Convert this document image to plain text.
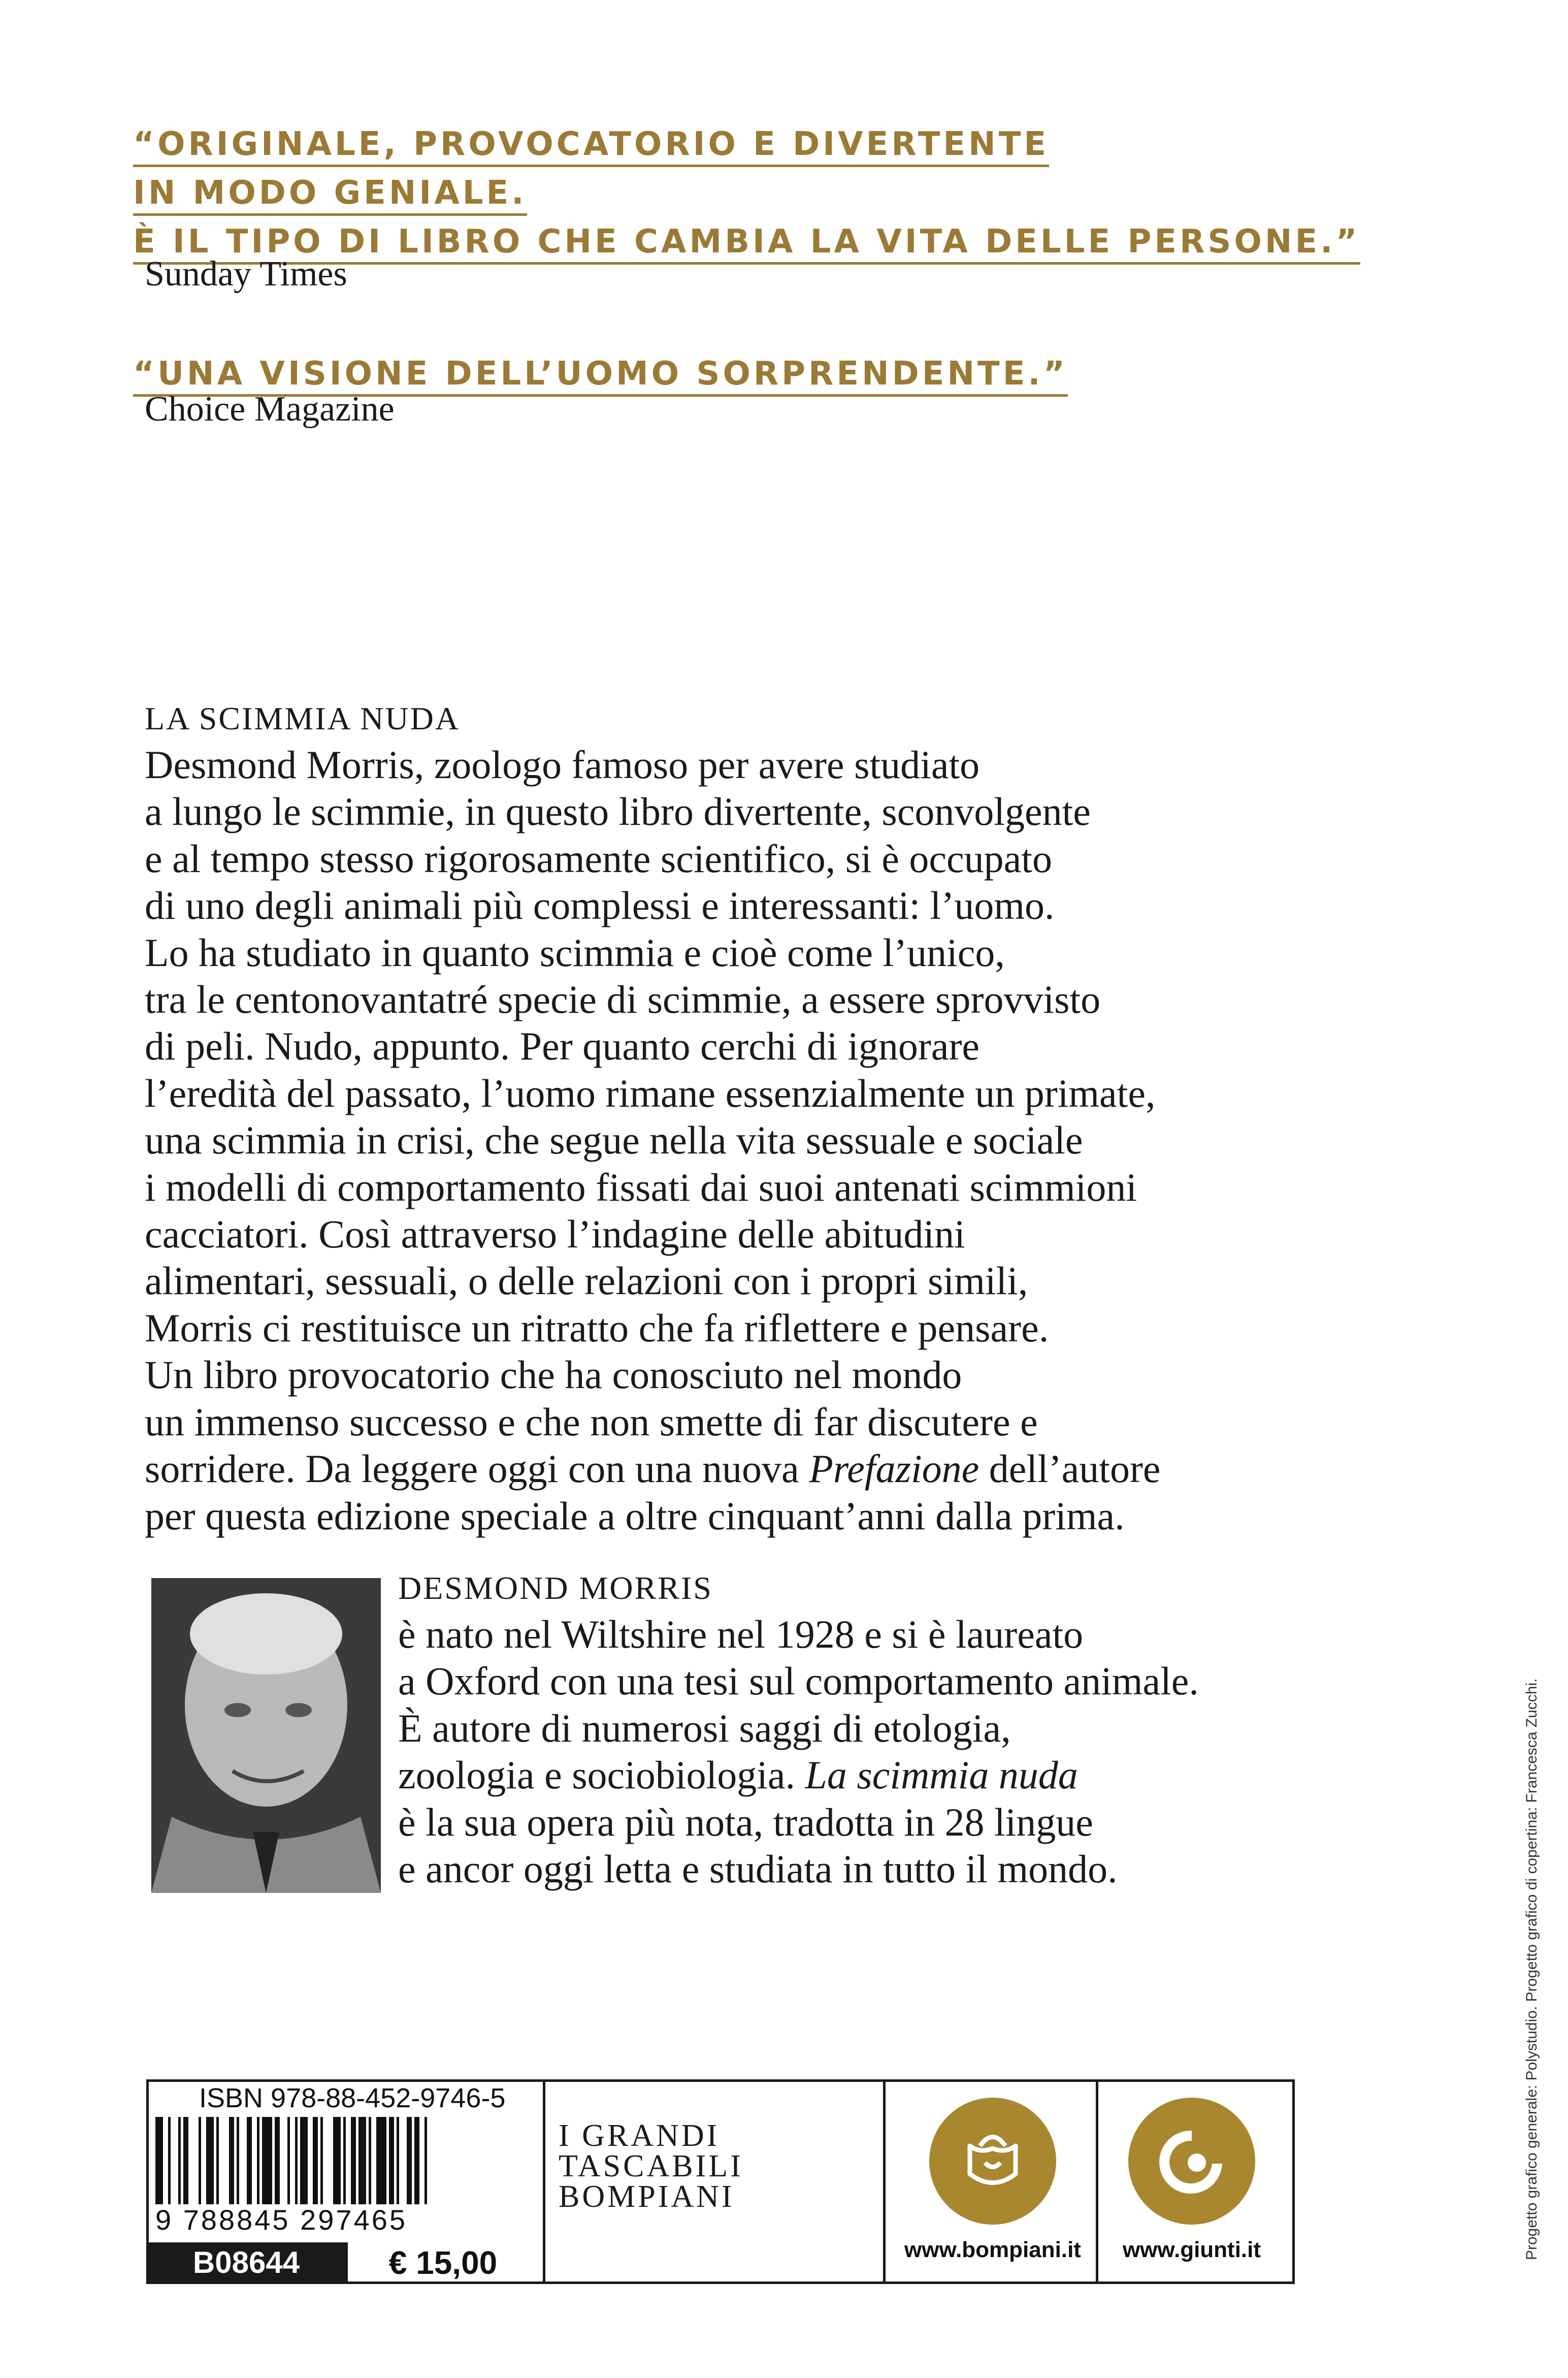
“ORIGINALE, PROVOCATORIO E DIVERTENTE
IN MODO GENIALE.
È IL TIPO DI LIBRO CHE CAMBIA LA VITA DELLE PERSONE.”
Sunday Times
“UNA VISIONE DELL’UOMO SORPRENDENTE.”
Choice Magazine
LA SCIMMIA NUDA
Desmond Morris, zoologo famoso per avere studiato
a lungo le scimmie, in questo libro divertente, sconvolgente
e al tempo stesso rigorosamente scientifico, si è occupato
di uno degli animali più complessi e interessanti: l’uomo.
Lo ha studiato in quanto scimmia e cioè come l’unico,
tra le centonovantatré specie di scimmie, a essere sprovvisto
di peli. Nudo, appunto. Per quanto cerchi di ignorare
l’eredità del passato, l’uomo rimane essenzialmente un primate,
una scimmia in crisi, che segue nella vita sessuale e sociale
i modelli di comportamento fissati dai suoi antenati scimmioni
cacciatori. Così attraverso l’indagine delle abitudini
alimentari, sessuali, o delle relazioni con i propri simili,
Morris ci restituisce un ritratto che fa riflettere e pensare.
Un libro provocatorio che ha conosciuto nel mondo
un immenso successo e che non smette di far discutere e
sorridere. Da leggere oggi con una nuova Prefazione dell’autore
per questa edizione speciale a oltre cinquant’anni dalla prima.
DESMOND MORRIS
è nato nel Wiltshire nel 1928 e si è laureato
a Oxford con una tesi sul comportamento animale.
È autore di numerosi saggi di etologia,
zoologia e sociobiologia. La scimmia nuda
è la sua opera più nota, tradotta in 28 lingue
e ancor oggi letta e studiata in tutto il mondo.	Progetto grafico generale: Polystudio. Progetto grafico di copertina: Francesca Zucchi.
ISBN 978-88-452-9746-5
9 788845 297465
B08644	€ 15,00
I GRANDI
TASCABILI
BOMPIANI
www.bompiani.it	www.giunti.it
